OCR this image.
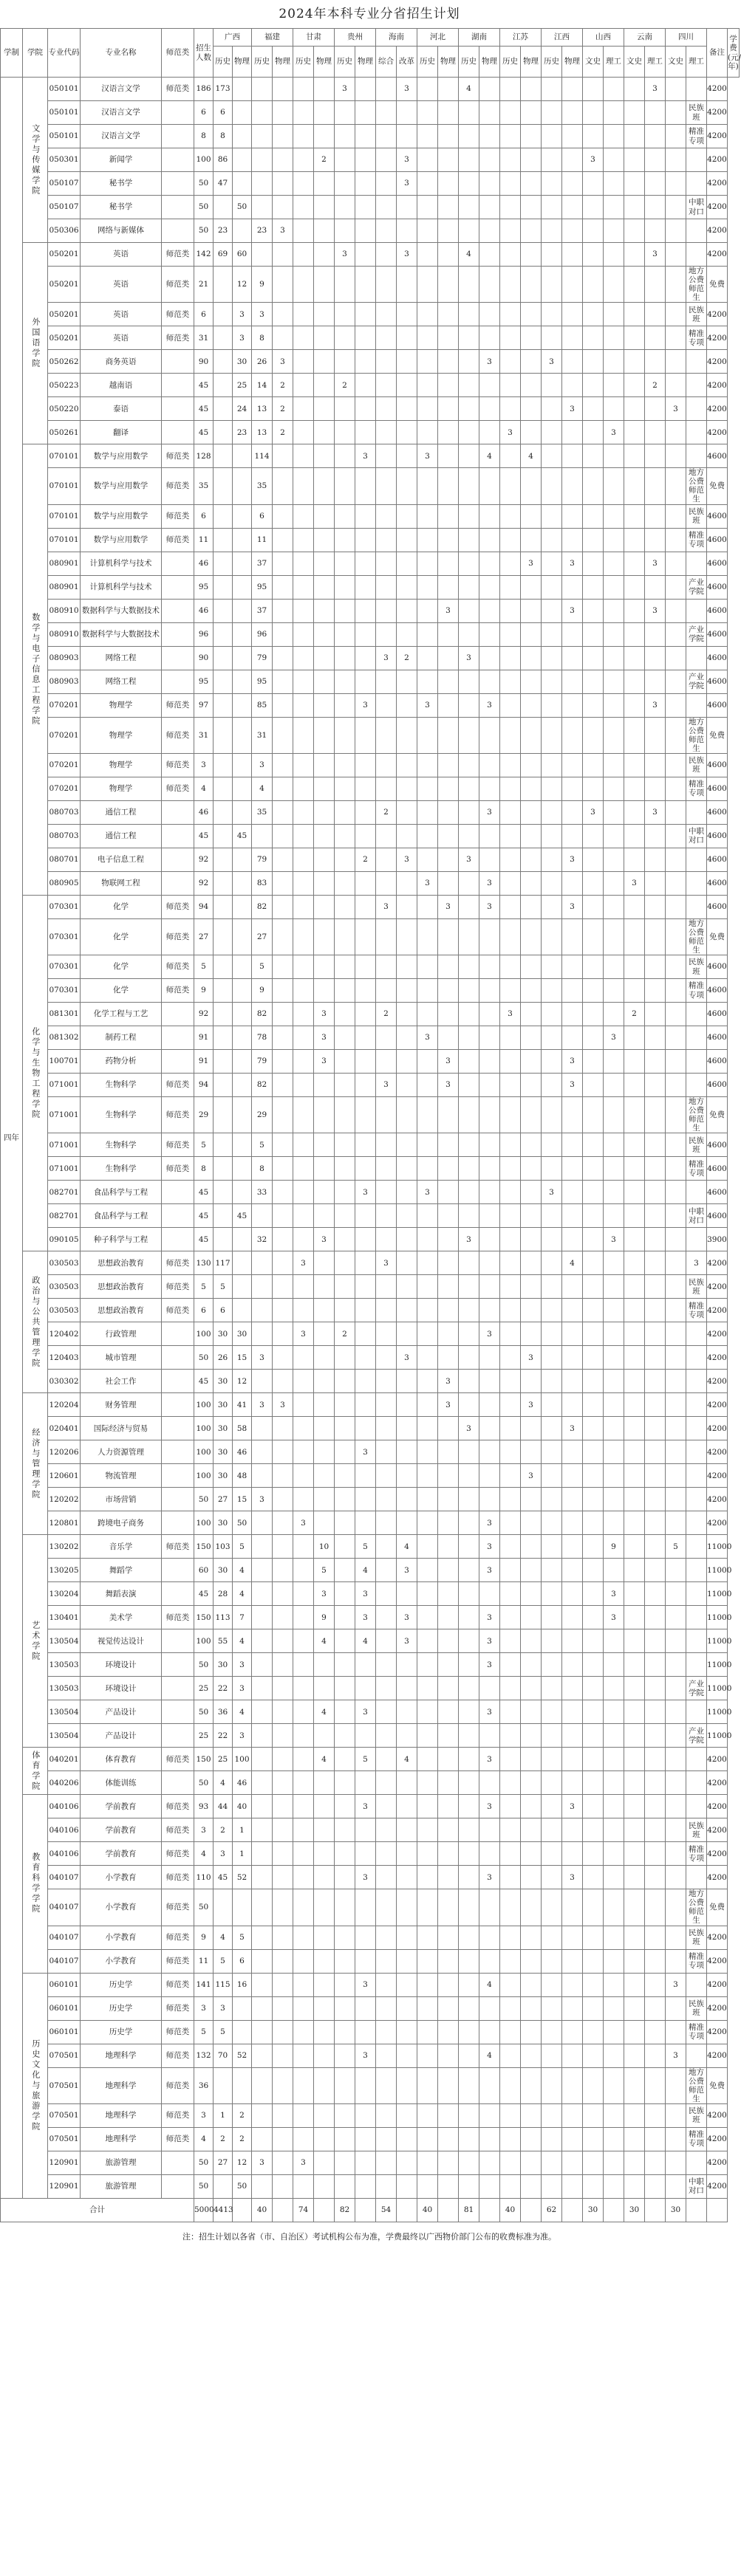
2024年本科专业分省招生计划
学制	学院	专业代码	专业名称	师范类	招生人数	广西		福建		甘肃		贵州		海南		河北		湖南		江苏		江西		山西		云南		四川		备注	学费(元/年)
						历史	物理	历史	物理	历史	物理	历史	物理	综合	改革	历史	物理	历史	物理	历史	物理	历史	物理	文史	理工	文史	理工	文史	理工		
四年	文学与传媒学院	050101	汉语言文学	师范类	186	173						3			3			4									3			4200	
		050101	汉语言文学		6	6																							民族班	4200	
		050101	汉语言文学		8	8																							精准专项	4200	
		050301	新闻学		100	86					2				3									3						4200	
		050107	秘书学		50	47									3															4200	
		050107	秘书学		50		50																						中职对口	4200	
		050306	网络与新媒体		50	23		23	3																					4200	

	外国语学院	050201	英语	师范类	142	69	60					3			3			4									3			4200	
		050201	英语	师范类	21		12	9																					地方公费师范生	免费	
		050201	英语	师范类	6		3	3																					民族班	4200	
		050201	英语	师范类	31		3	8																					精准专项	4200	
		050262	商务英语		90		30	26	3										3			3								4200	
		050223	越南语		45		25	14	2			2															2			4200	
		050220	泰语		45		24	13	2														3					3		4200	
		050261	翻译		45		23	13	2											3					3					4200	

	数学与电子信息工程学院	070101	数学与应用数学	师范类	128			114					3			3			4		4									4600	
		070101	数学与应用数学	师范类	35			35																					地方公费师范生	免费	
		070101	数学与应用数学	师范类	6			6																					民族班	4600	
		070101	数学与应用数学	师范类	11			11																					精准专项	4600	
		080901	计算机科学与技术		46			37													3		3				3			4600	
		080901	计算机科学与技术		95			95																					产业学院	4600	
		080910	数据科学与大数据技术		46			37									3						3				3			4600	
		080910	数据科学与大数据技术		96			96																					产业学院	4600	
		080903	网络工程		90			79						3	2			3												4600	
		080903	网络工程		95			95																					产业学院	4600	
		070201	物理学	师范类	97			85					3			3			3								3			4600	
		070201	物理学	师范类	31			31																					地方公费师范生	免费	
		070201	物理学	师范类	3			3																					民族班	4600	
		070201	物理学	师范类	4			4																					精准专项	4600	
		080703	通信工程		46			35						2					3					3			3			4600	
		080703	通信工程		45		45																						中职对口	4600	
		080701	电子信息工程		92			79					2		3			3					3							4600	
		080905	物联网工程		92			83								3			3							3				4600	

	化学与生物工程学院	070301	化学	师范类	94			82						3			3		3				3							4600	
		070301	化学	师范类	27			27																					地方公费师范生	免费	
		070301	化学	师范类	5			5																					民族班	4600	
		070301	化学	师范类	9			9																					精准专项	4600	
		081301	化学工程与工艺		92			82			3			2						3						2				4600	
		081302	制药工程		91			78			3					3									3					4600	
		100701	药物分析		91			79			3						3						3							4600	
		071001	生物科学	师范类	94			82						3			3						3							4600	
		071001	生物科学	师范类	29			29																					地方公费师范生	免费	
		071001	生物科学	师范类	5			5																					民族班	4600	
		071001	生物科学	师范类	8			8																					精准专项	4600	
		082701	食品科学与工程		45			33					3			3						3								4600	
		082701	食品科学与工程		45		45																						中职对口	4600	
		090105	种子科学与工程		45			32			3							3							3					3900	

	政治与公共管理学院	030503	思想政治教育	师范类	130	117				3				3									4						3	4200	
		030503	思想政治教育	师范类	5	5																							民族班	4200	
		030503	思想政治教育	师范类	6	6																							精准专项	4200	
		120402	行政管理		100	30	30			3		2							3											4200	
		120403	城市管理		50	26	15	3							3						3									4200	
		030302	社会工作		45	30	12										3													4200	

	经济与管理学院	120204	财务管理		100	30	41	3	3								3				3									4200	
		020401	国际经济与贸易		100	30	58											3					3							4200	
		120206	人力资源管理		100	30	46						3																	4200	
		120601	物流管理		100	30	48														3									4200	
		120202	市场营销		50	27	15	3																						4200	
		120801	跨境电子商务		100	30	50			3									3											4200	

	艺术学院	130202	音乐学	师范类	150	103	5				10		5		4				3						9			5		11000	
		130205	舞蹈学		60	30	4				5		4		3				3											11000	
		130204	舞蹈表演		45	28	4				3		3												3					11000	
		130401	美术学	师范类	150	113	7				9		3		3				3						3					11000	
		130504	视觉传达设计		100	55	4				4		4		3				3											11000	
		130503	环境设计		50	30	3												3											11000	
		130503	环境设计		25	22	3																						产业学院	11000	
		130504	产品设计		50	36	4				4		3						3											11000	
		130504	产品设计		25	22	3																						产业学院	11000	

	体育学院	040201	体育教育	师范类	150	25	100				4		5		4				3											4200	
		040206	体能训练		50	4	46																							4200	

	教育科学学院	040106	学前教育	师范类	93	44	40						3						3				3							4200	
		040106	学前教育	师范类	3	2	1																						民族班	4200	
		040106	学前教育	师范类	4	3	1																						精准专项	4200	
		040107	小学教育	师范类	110	45	52						3						3				3							4200	
		040107	小学教育	师范类	50																								地方公费师范生	免费	
		040107	小学教育	师范类	9	4	5																						民族班	4200	
		040107	小学教育	师范类	11	5	6																						精准专项	4200	

	历史文化与旅游学院	060101	历史学	师范类	141	115	16						3						4									3		4200	
		060101	历史学	师范类	3	3																							民族班	4200	
		060101	历史学	师范类	5	5																							精准专项	4200	
		070501	地理科学	师范类	132	70	52						3						4									3		4200	
		070501	地理科学	师范类	36																								地方公费师范生	免费	
		070501	地理科学	师范类	3	1	2																						民族班	4200	
		070501	地理科学	师范类	4	2	2																						精准专项	4200	
		120901	旅游管理		50	27	12	3		3																				4200	
		120901	旅游管理		50		50																						中职对口	4200	
合计					5000	4413		40		74		82		54		40		81		40		62		30		30		30			
注：招生计划以各省（市、自治区）考试机构公布为准，学费最终以广西物价部门公布的收费标准为准。
